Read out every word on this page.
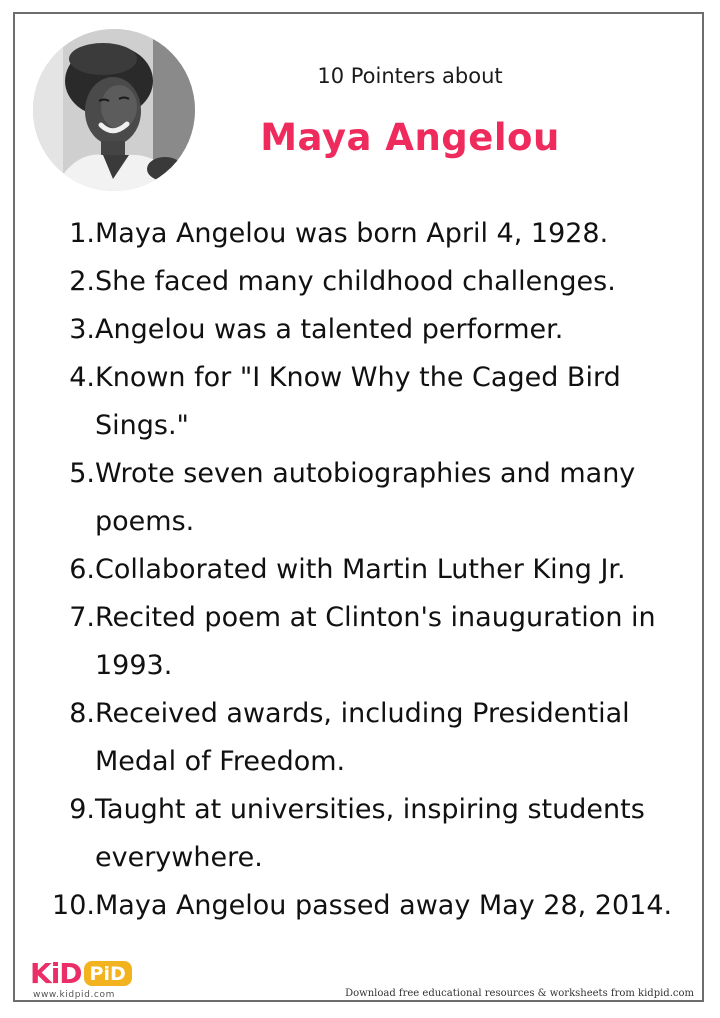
10 Pointers about
Maya Angelou
1. Maya Angelou was born April 4, 1928.
2. She faced many childhood challenges.
3. Angelou was a talented performer.
4. Known for "I Know Why the Caged Bird Sings."
5. Wrote seven autobiographies and many poems.
6. Collaborated with Martin Luther King Jr.
7. Recited poem at Clinton's inauguration in 1993.
8. Received awards, including Presidential Medal of Freedom.
9. Taught at universities, inspiring students everywhere.
10. Maya Angelou passed away May 28, 2014.
KiD PiD
www.kidpid.com	Download free educational resources & worksheets from kidpid.com
